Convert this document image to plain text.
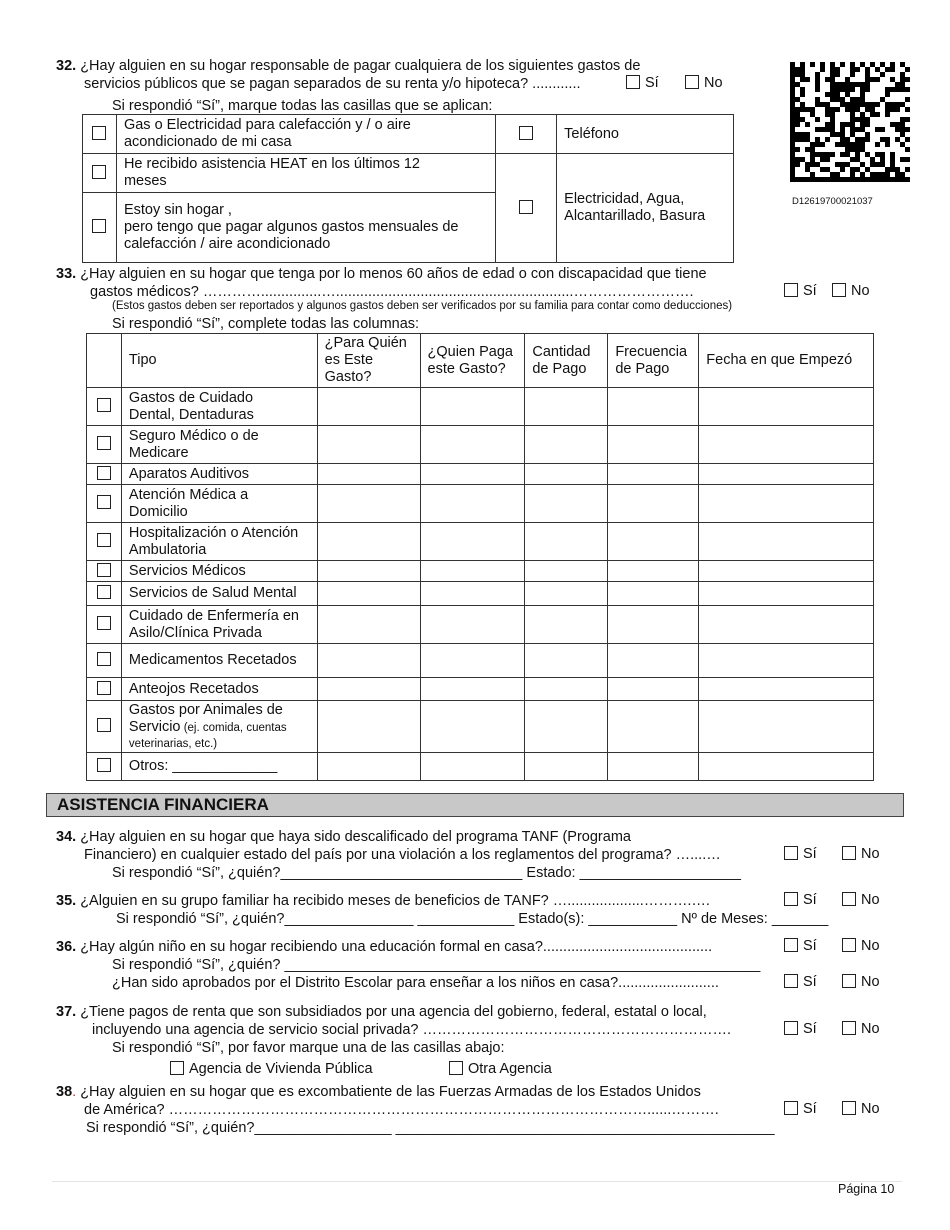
32. ¿Hay alguien en su hogar responsable de pagar cualquiera de los siguientes gastos de
servicios públicos que se pagan separados de su renta y/o hipoteca? ............	Sí	No
Si respondió “Sí”, marque todas las casillas que se aplican:
	Gas o Electricidad para calefacción y / o aire
acondicionado de mi casa		Teléfono
	He recibido asistencia HEAT en los últimos 12
meses		Electricidad, Agua,
Alcantarillado, Basura
	Estoy sin hogar ,
pero tengo que pagar algunos gastos mensuales de
calefacción / aire acondicionado		
D12619700021037
33. ¿Hay alguien en su hogar que tenga por lo menos 60 años de edad o con discapacidad que tiene
gastos médicos? …………...............…...........................................................…………………….	Sí	No
(Estos gastos deben ser reportados y algunos gastos deben ser verificados por su familia para contar como deducciones)
Si respondió “Sí”, complete todas las columnas:
	Tipo	¿Para Quién
es Este
Gasto?	¿Quien Paga
este Gasto?	Cantidad
de Pago	Frecuencia
de Pago	Fecha en que Empezó
	Gastos de Cuidado
Dental, Dentaduras					
	Seguro Médico o de
Medicare					
	Aparatos Auditivos					
	Atención Médica a
Domicilio					
	Hospitalización o Atención
Ambulatoria					
	Servicios Médicos					
	Servicios de Salud Mental					
	Cuidado de Enfermería en
Asilo/Clínica Privada					
	Medicamentos Recetados					
	Anteojos Recetados					
	Gastos por Animales de
Servicio (ej. comida, cuentas
veterinarias, etc.)					

	Otros: _____________					
ASISTENCIA FINANCIERA
34. ¿Hay alguien en su hogar que haya sido descalificado del programa TANF (Programa
Financiero) en cualquier estado del país por una violación a los reglamentos del programa? …....…	Sí	No
Si respondió “Sí”, ¿quién?______________________________ Estado: ____________________
35. ¿Alguien en su grupo familiar ha recibido meses de beneficios de TANF? …...................……….….	Sí	No
Si respondió “Sí”, ¿quién?________________ ____________ Estado(s): ___________ Nº de Meses: _______
36. ¿Hay algún niño en su hogar recibiendo una educación formal en casa?..........................................	Sí	No
Si respondió “Sí”, ¿quién? ___________________________________________________________
¿Han sido aprobados por el Distrito Escolar para enseñar a los niños en casa?.........................	Sí	No
37. ¿Tiene pagos de renta que son subsidiados por una agencia del gobierno, federal, estatal o local,
incluyendo una agencia de servicio social privada? ……………………………………………………….	Sí	No
Si respondió “Sí”, por favor marque una de las casillas abajo:
Agencia de Vivienda Pública	Otra Agencia
38. ¿Hay alguien en su hogar que es excombatiente de las Fuerzas Armadas de los Estados Unidos
de América? ………………………………………………………………………………………......……….	Sí	No
Si respondió “Sí”, ¿quién?_________________ _______________________________________________
Página 10
